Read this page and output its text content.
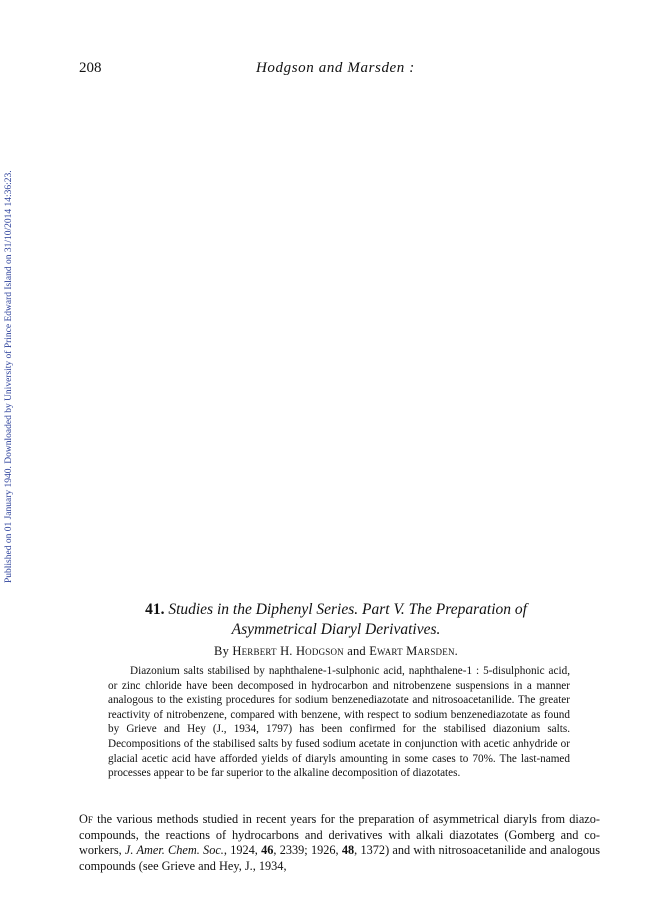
208	Hodgson and Marsden :
Published on 01 January 1940. Downloaded by University of Prince Edward Island on 31/10/2014 14:36:23.
41. Studies in the Diphenyl Series. Part V. The Preparation of
Asymmetrical Diaryl Derivatives.
By Herbert H. Hodgson and Ewart Marsden.
Diazonium salts stabilised by naphthalene-1-sulphonic acid, naphthalene-1 : 5-disulphonic acid, or zinc chloride have been decomposed in hydrocarbon and nitrobenzene suspensions in a manner analogous to the existing procedures for sodium benzenediazotate and nitrosoacetanilide. The greater reactivity of nitrobenzene, compared with benzene, with respect to sodium benzenediazotate as found by Grieve and Hey (J., 1934, 1797) has been confirmed for the stabilised diazonium salts. Decompositions of the stabilised salts by fused sodium acetate in conjunction with acetic anhydride or glacial acetic acid have afforded yields of diaryls amounting in some cases to 70%. The last-named processes appear to be far superior to the alkaline decomposition of diazotates.
Of the various methods studied in recent years for the preparation of asymmetrical diaryls from diazo-compounds, the reactions of hydrocarbons and derivatives with alkali diazotates (Gomberg and co-workers, J. Amer. Chem. Soc., 1924, 46, 2339; 1926, 48, 1372) and with nitrosoacetanilide and analogous compounds (see Grieve and Hey, J., 1934,
